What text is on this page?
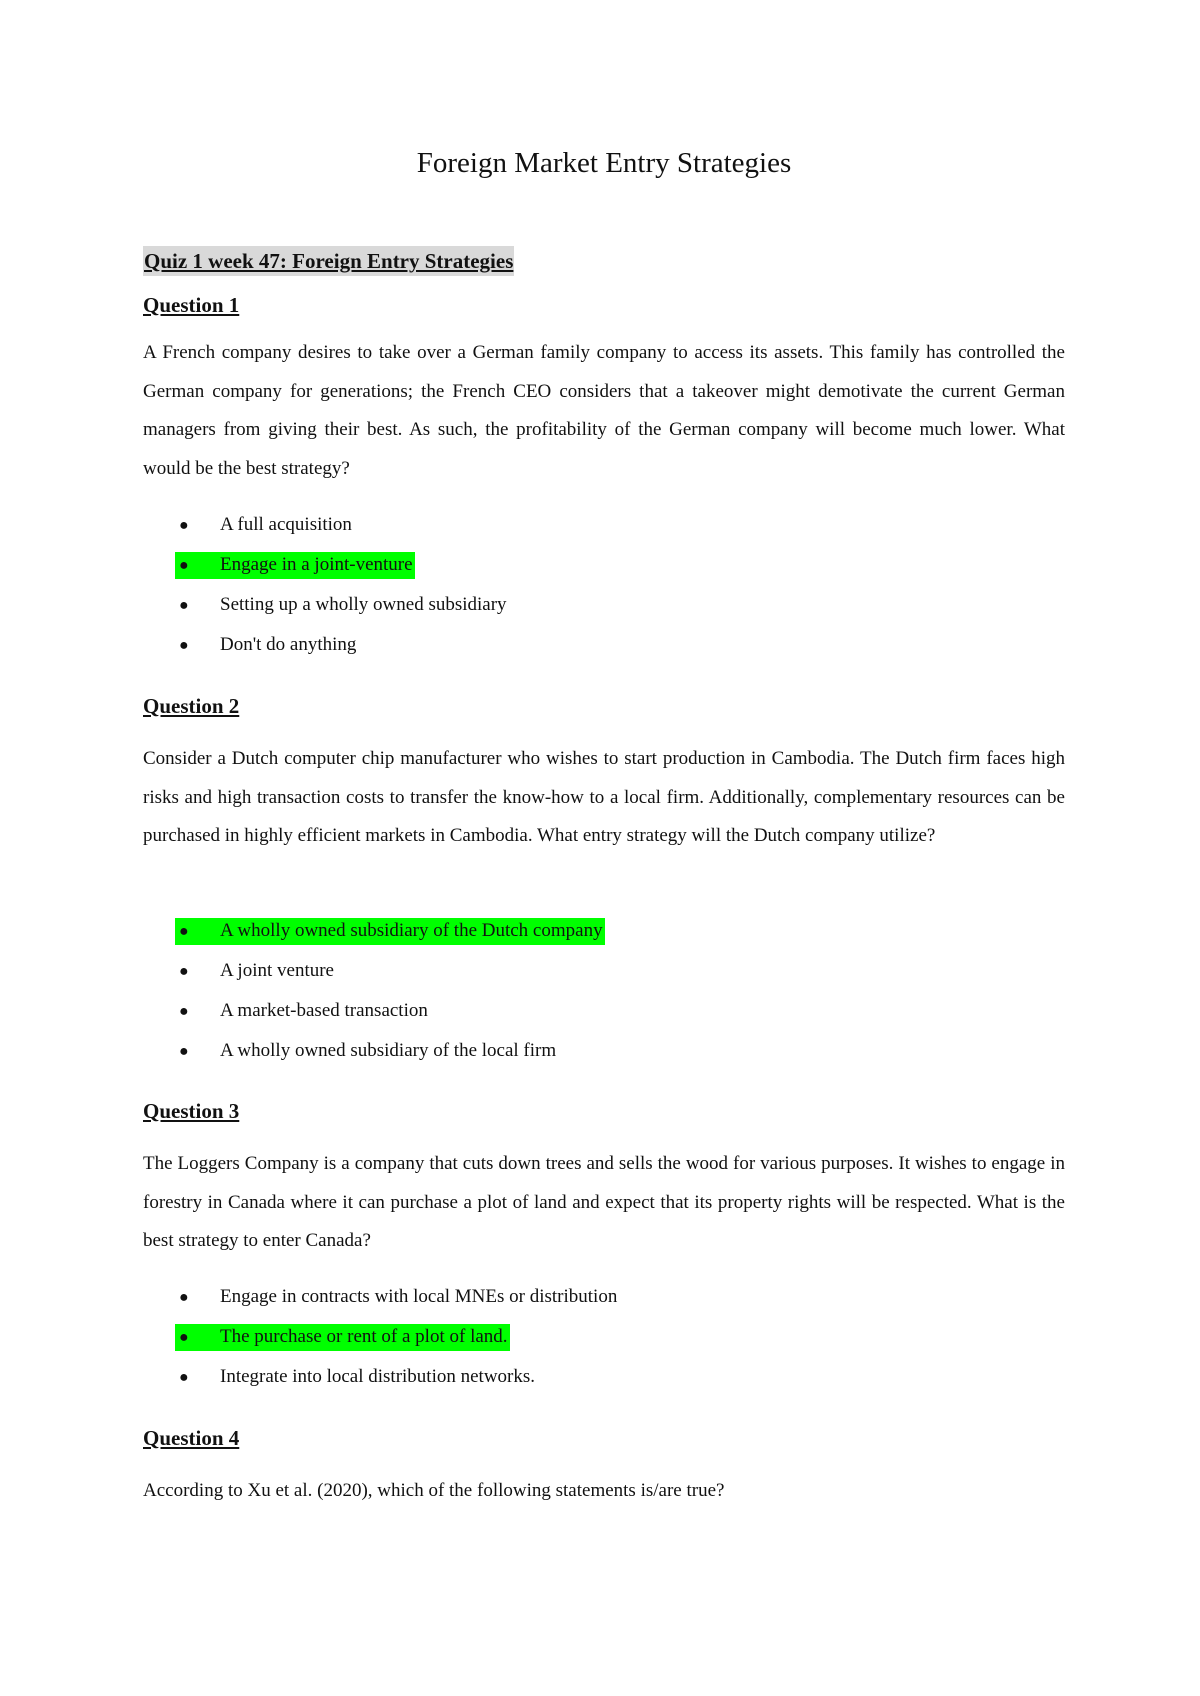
Foreign Market Entry Strategies
Quiz 1 week 47: Foreign Entry Strategies
Question 1

A French company desires to take over a German family company to access its assets. This family has controlled the German company for generations; the French CEO considers that a takeover might demotivate the current German managers from giving their best. As such, the profitability of the German company will become much lower. What would be the best strategy?

● A full acquisition
● Engage in a joint-venture
● Setting up a wholly owned subsidiary
● Don't do anything
Question 2

Consider a Dutch computer chip manufacturer who wishes to start production in Cambodia. The Dutch firm faces high risks and high transaction costs to transfer the know-how to a local firm. Additionally, complementary resources can be purchased in highly efficient markets in Cambodia. What entry strategy will the Dutch company utilize?

● A wholly owned subsidiary of the Dutch company
● A joint venture
● A market-based transaction
● A wholly owned subsidiary of the local firm
Question 3

The Loggers Company is a company that cuts down trees and sells the wood for various purposes. It wishes to engage in forestry in Canada where it can purchase a plot of land and expect that its property rights will be respected. What is the best strategy to enter Canada?

● Engage in contracts with local MNEs or distribution
● The purchase or rent of a plot of land.
● Integrate into local distribution networks.
Question 4

According to Xu et al. (2020), which of the following statements is/are true?
